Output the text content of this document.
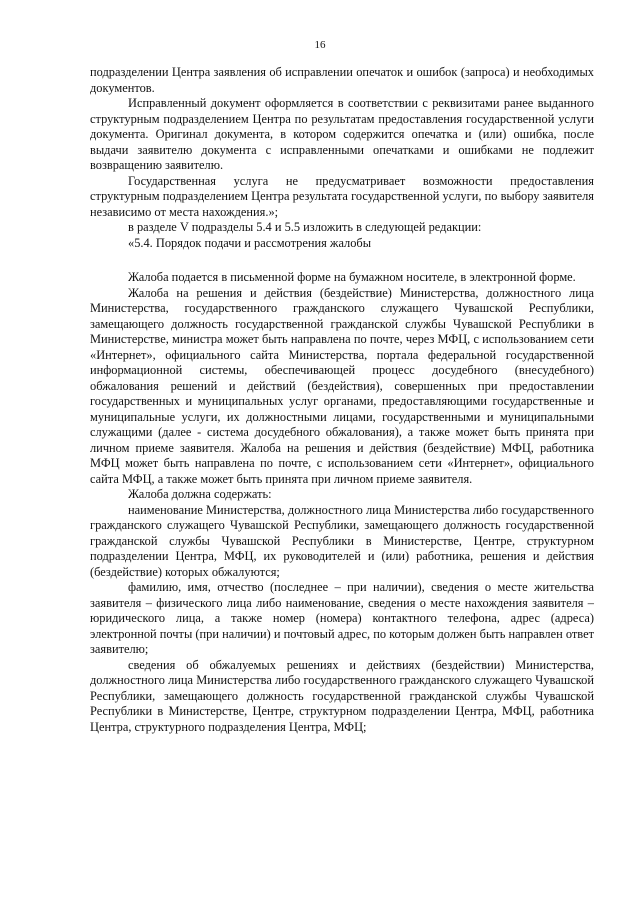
16

подразделении Центра заявления об исправлении опечаток и ошибок (запроса) и необходимых документов.

Исправленный документ оформляется в соответствии с реквизитами ранее выданного структурным подразделением Центра по результатам предоставления государственной услуги документа. Оригинал документа, в котором содержится опечатка и (или) ошибка, после выдачи заявителю документа с исправленными опечатками и ошибками не подлежит возвращению заявителю.

Государственная услуга не предусматривает возможности предоставления структурным подразделением Центра результата государственной услуги, по выбору заявителя независимо от места нахождения.»;

в разделе V подразделы 5.4 и 5.5 изложить в следующей редакции:

«5.4. Порядок подачи и рассмотрения жалобы

Жалоба подается в письменной форме на бумажном носителе, в электронной форме.

Жалоба на решения и действия (бездействие) Министерства, должностного лица Министерства, государственного гражданского служащего Чувашской Республики, замещающего должность государственной гражданской службы Чувашской Республики в Министерстве, министра может быть направлена по почте, через МФЦ, с использованием сети «Интернет», официального сайта Министерства, портала федеральной государственной информационной системы, обеспечивающей процесс досудебного (внесудебного) обжалования решений и действий (бездействия), совершенных при предоставлении государственных и муниципальных услуг органами, предоставляющими государственные и муниципальные услуги, их должностными лицами, государственными и муниципальными служащими (далее - система досудебного обжалования), а также может быть принята при личном приеме заявителя. Жалоба на решения и действия (бездействие) МФЦ, работника МФЦ может быть направлена по почте, с использованием сети «Интернет», официального сайта МФЦ, а также может быть принята при личном приеме заявителя.

Жалоба должна содержать:

наименование Министерства, должностного лица Министерства либо государственного гражданского служащего Чувашской Республики, замещающего должность государственной гражданской службы Чувашской Республики в Министерстве, Центре, структурном подразделении Центра, МФЦ, их руководителей и (или) работника, решения и действия (бездействие) которых обжалуются;

фамилию, имя, отчество (последнее – при наличии), сведения о месте жительства заявителя – физического лица либо наименование, сведения о месте нахождения заявителя – юридического лица, а также номер (номера) контактного телефона, адрес (адреса) электронной почты (при наличии) и почтовый адрес, по которым должен быть направлен ответ заявителю;

сведения об обжалуемых решениях и действиях (бездействии) Министерства, должностного лица Министерства либо государственного гражданского служащего Чувашской Республики, замещающего должность государственной гражданской службы Чувашской Республики в Министерстве, Центре, структурном подразделении Центра, МФЦ, работника Центра, структурного подразделения Центра, МФЦ;
